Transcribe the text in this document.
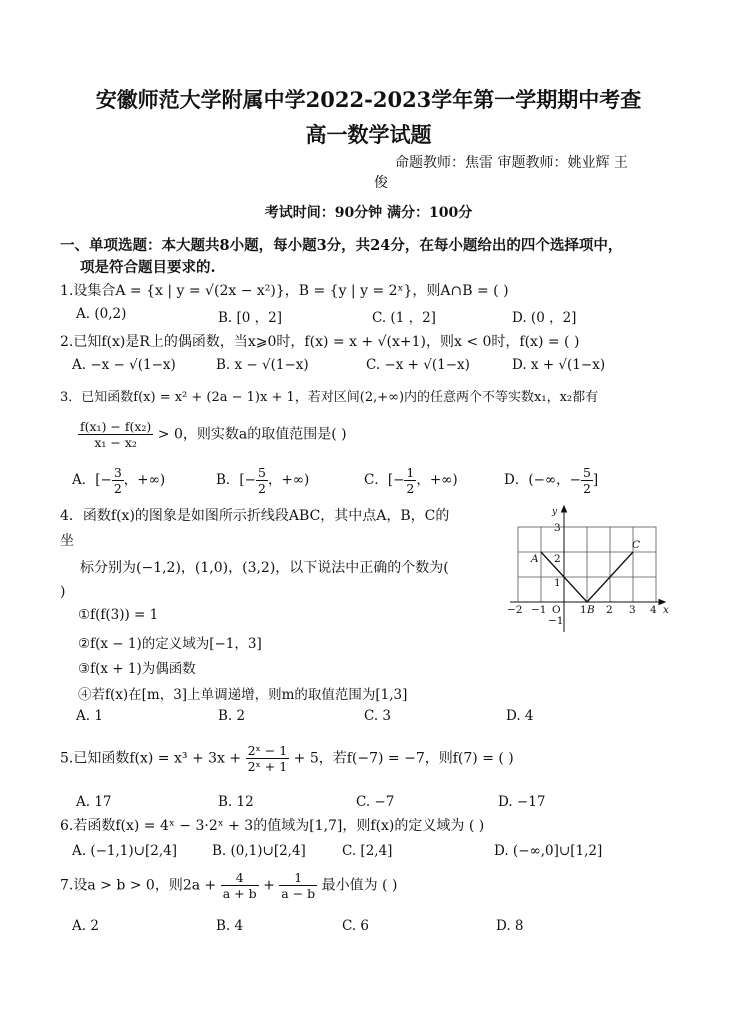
安徽师范大学附属中学2022-2023学年第一学期期中考查
高一数学试题
命题教师：焦雷 审题教师：姚业辉 王
俊
考试时间：90分钟 满分：100分
一、单项选题：本大题共8小题，每小题3分，共24分，在每小题给出的四个选择项中，
项是符合题目要求的.
1.设集合A = {x | y = √(2x − x²)}，B = {y | y = 2ˣ}，则A∩B = ( )
A. (0,2)	B. [0 ，2]	C. (1 ，2]	D. (0 ，2]
2.已知f(x)是R上的偶函数，当x⩾0时，f(x) = x + √(x+1)，则x < 0时，f(x) = ( )
A. −x − √(1−x)	B. x − √(1−x)	C. −x + √(1−x)	D. x + √(1−x)
3．已知函数f(x) = x² + (2a − 1)x + 1，若对区间(2,+∞)内的任意两个不等实数x₁，x₂都有
$\frac{\text{f(x₁) − f(x₂)}}{\text{x₁ − x₂}} > 0$，则实数a的取值范围是( )
A．[− $\frac{3}{2}$ ，+∞)	B．[− $\frac{5}{2}$ ，+∞)	C．[− $\frac{1}{2}$ ，+∞)	D．(−∞，− $\frac{5}{2}$ ]
4．函数f(x)的图象是如图所示折线段ABC，其中点A，B，C的
坐
标分别为(−1,2)，(1,0)，(3,2)，以下说法中正确的个数为(
)
①f(f(3)) = 1
②f(x − 1)的定义域为[−1，3]
③f(x + 1)为偶函数
④若f(x)在[m，3]上单调递增，则m的取值范围为[1,3]
A. 1	B. 2	C. 3	D. 4
−2 −1 O 1 B 2 3 4 x
y
3
2
1
−1
A
C
5.已知函数$f(x) = x^3 + 3x + \frac{\text{2ˣ − 1}}{\text{2ˣ + 1}} + 5$，若f(−7) = −7，则f(7) = ( )
A. 17	B. 12	C. −7	D. −17
6.若函数f(x) = 4ˣ − 3·2ˣ + 3的值域为[1,7]，则f(x)的定义域为 ( )
A. (−1,1)∪[2,4]	B. (0,1)∪[2,4]	C. [2,4]	D. (−∞,0]∪[1,2]
7.设a > b > 0，则$2a + \frac{4}{a + b} + \frac{1}{a - b}$ 最小值为 ( )
A. 2	B. 4	C. 6	D. 8
